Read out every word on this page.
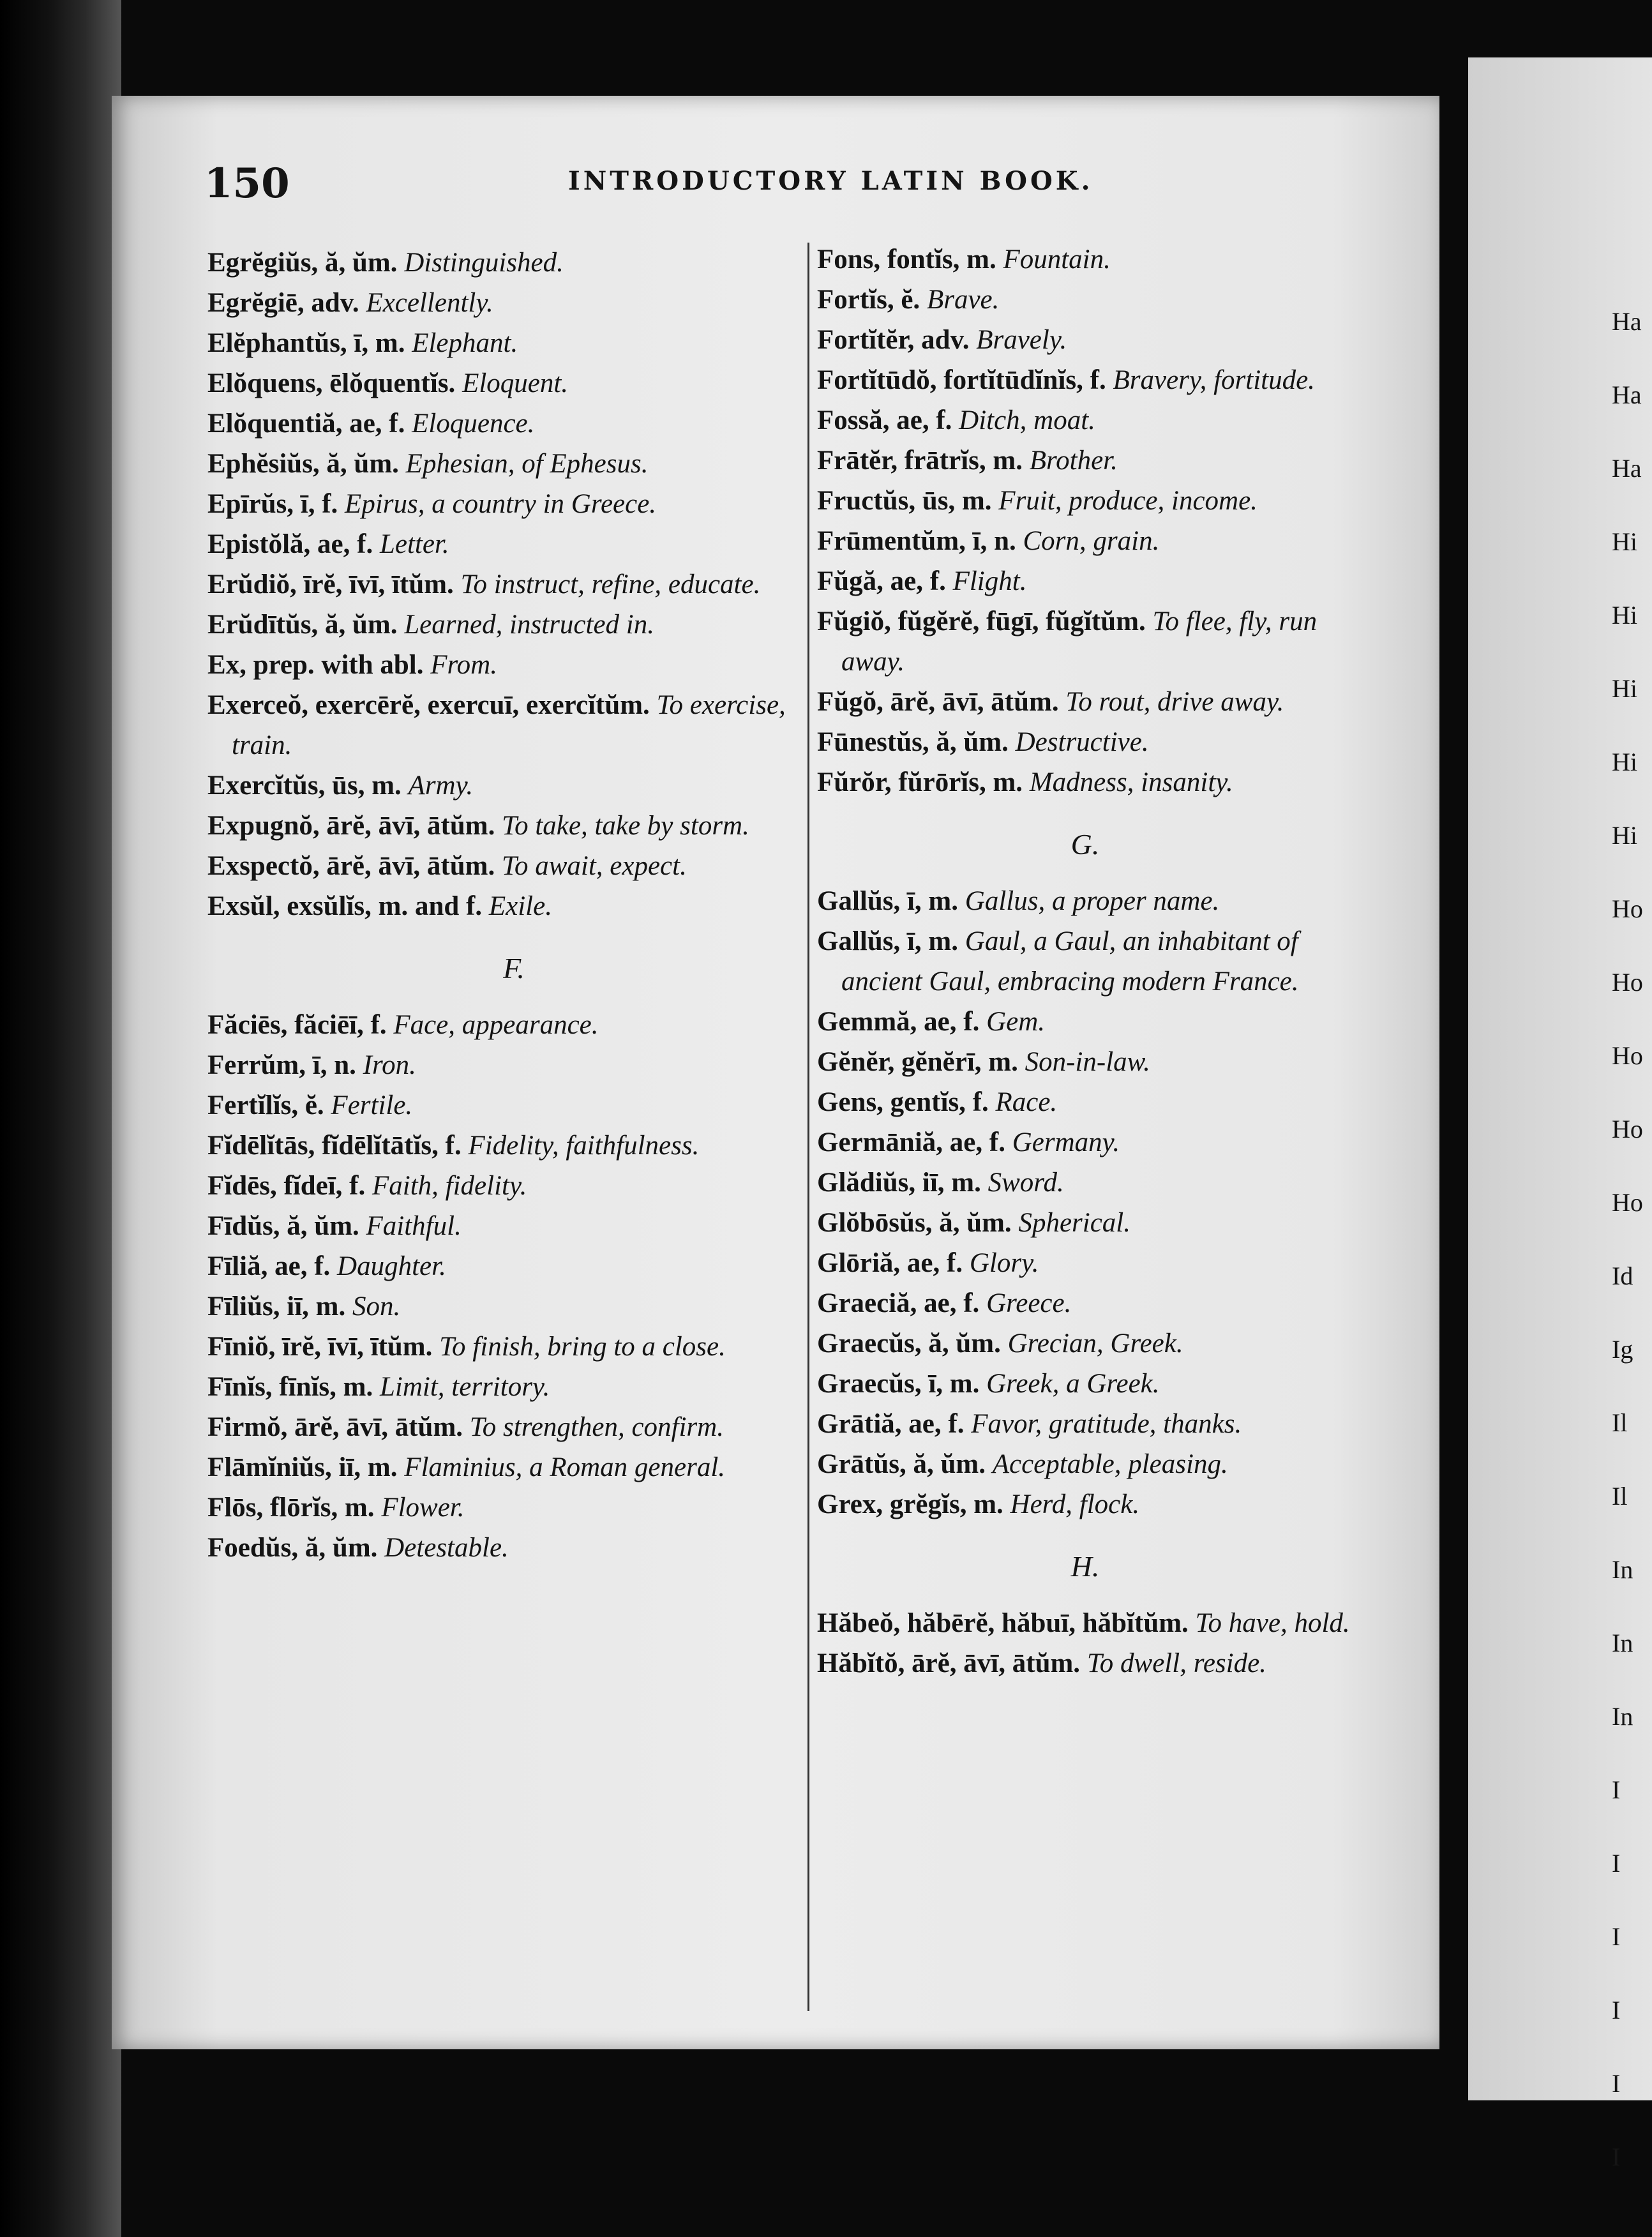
Ha
Ha
Ha
Hi
Hi
Hi
Hi
Hi
Ho
Ho
Ho
Ho
Ho
Id
Ig
Il
Il
In
In
In
I
I
I
I
I
I
150	INTRODUCTORY LATIN BOOK.

Egrĕgiŭs, ă, ŭm. Distinguished.

Egrĕgiē, adv. Excellently.

Elĕphantŭs, ī, m. Elephant.

Elŏquens, ēlŏquentĭs. Eloquent.

Elŏquentiă, ae, f. Eloquence.

Ephĕsiŭs, ă, ŭm. Ephesian, of Ephesus.

Epīrŭs, ī, f. Epirus, a country in Greece.

Epistŏlă, ae, f. Letter.

Erŭdiŏ, īrĕ, īvī, ītŭm. To instruct, refine, educate.

Erŭdītŭs, ă, ŭm. Learned, instructed in.

Ex, prep. with abl. From.

Exerceŏ, exercērĕ, exercuī, exercĭtŭm. To exercise, train.

Exercĭtŭs, ūs, m. Army.

Expugnŏ, ārĕ, āvī, ātŭm. To take, take by storm.

Exspectŏ, ārĕ, āvī, ātŭm. To await, expect.

Exsŭl, exsŭlĭs, m. and f. Exile.

F.

Făciēs, făciēī, f. Face, appearance.

Ferrŭm, ī, n. Iron.

Fertĭlĭs, ĕ. Fertile.

Fĭdēlĭtās, fĭdēlĭtātĭs, f. Fidelity, faithfulness.

Fĭdēs, fĭdeī, f. Faith, fidelity.

Fīdŭs, ă, ŭm. Faithful.

Fīliă, ae, f. Daughter.

Fīliŭs, iī, m. Son.

Fīniŏ, īrĕ, īvī, ītŭm. To finish, bring to a close.

Fīnĭs, fīnĭs, m. Limit, territory.

Firmŏ, ārĕ, āvī, ātŭm. To strengthen, confirm.

Flāmĭniŭs, iī, m. Flaminius, a Roman general.

Flōs, flōrĭs, m. Flower.

Foedŭs, ă, ŭm. Detestable.

Fons, fontĭs, m. Fountain.

Fortĭs, ĕ. Brave.

Fortĭtĕr, adv. Bravely.

Fortĭtūdŏ, fortĭtūdĭnĭs, f. Bravery, fortitude.

Fossă, ae, f. Ditch, moat.

Frātĕr, frātrĭs, m. Brother.

Fructŭs, ūs, m. Fruit, produce, income.

Frūmentŭm, ī, n. Corn, grain.

Fŭgă, ae, f. Flight.

Fŭgiŏ, fŭgĕrĕ, fūgī, fŭgĭtŭm. To flee, fly, run away.

Fŭgŏ, ārĕ, āvī, ātŭm. To rout, drive away.

Fūnestŭs, ă, ŭm. Destructive.

Fŭrŏr, fŭrōrĭs, m. Madness, insanity.

G.

Gallŭs, ī, m. Gallus, a proper name.

Gallŭs, ī, m. Gaul, a Gaul, an inhabitant of ancient Gaul, embracing modern France.

Gemmă, ae, f. Gem.

Gĕnĕr, gĕnĕrī, m. Son-in-law.

Gens, gentĭs, f. Race.

Germāniă, ae, f. Germany.

Glădiŭs, iī, m. Sword.

Glŏbōsŭs, ă, ŭm. Spherical.

Glōriă, ae, f. Glory.

Graeciă, ae, f. Greece.

Graecŭs, ă, ŭm. Grecian, Greek.

Graecŭs, ī, m. Greek, a Greek.

Grātiă, ae, f. Favor, gratitude, thanks.

Grātŭs, ă, ŭm. Acceptable, pleasing.

Grex, grĕgĭs, m. Herd, flock.

H.

Hăbeŏ, hăbērĕ, hăbuī, hăbĭtŭm. To have, hold.

Hăbĭtŏ, ārĕ, āvī, ātŭm. To dwell, reside.
